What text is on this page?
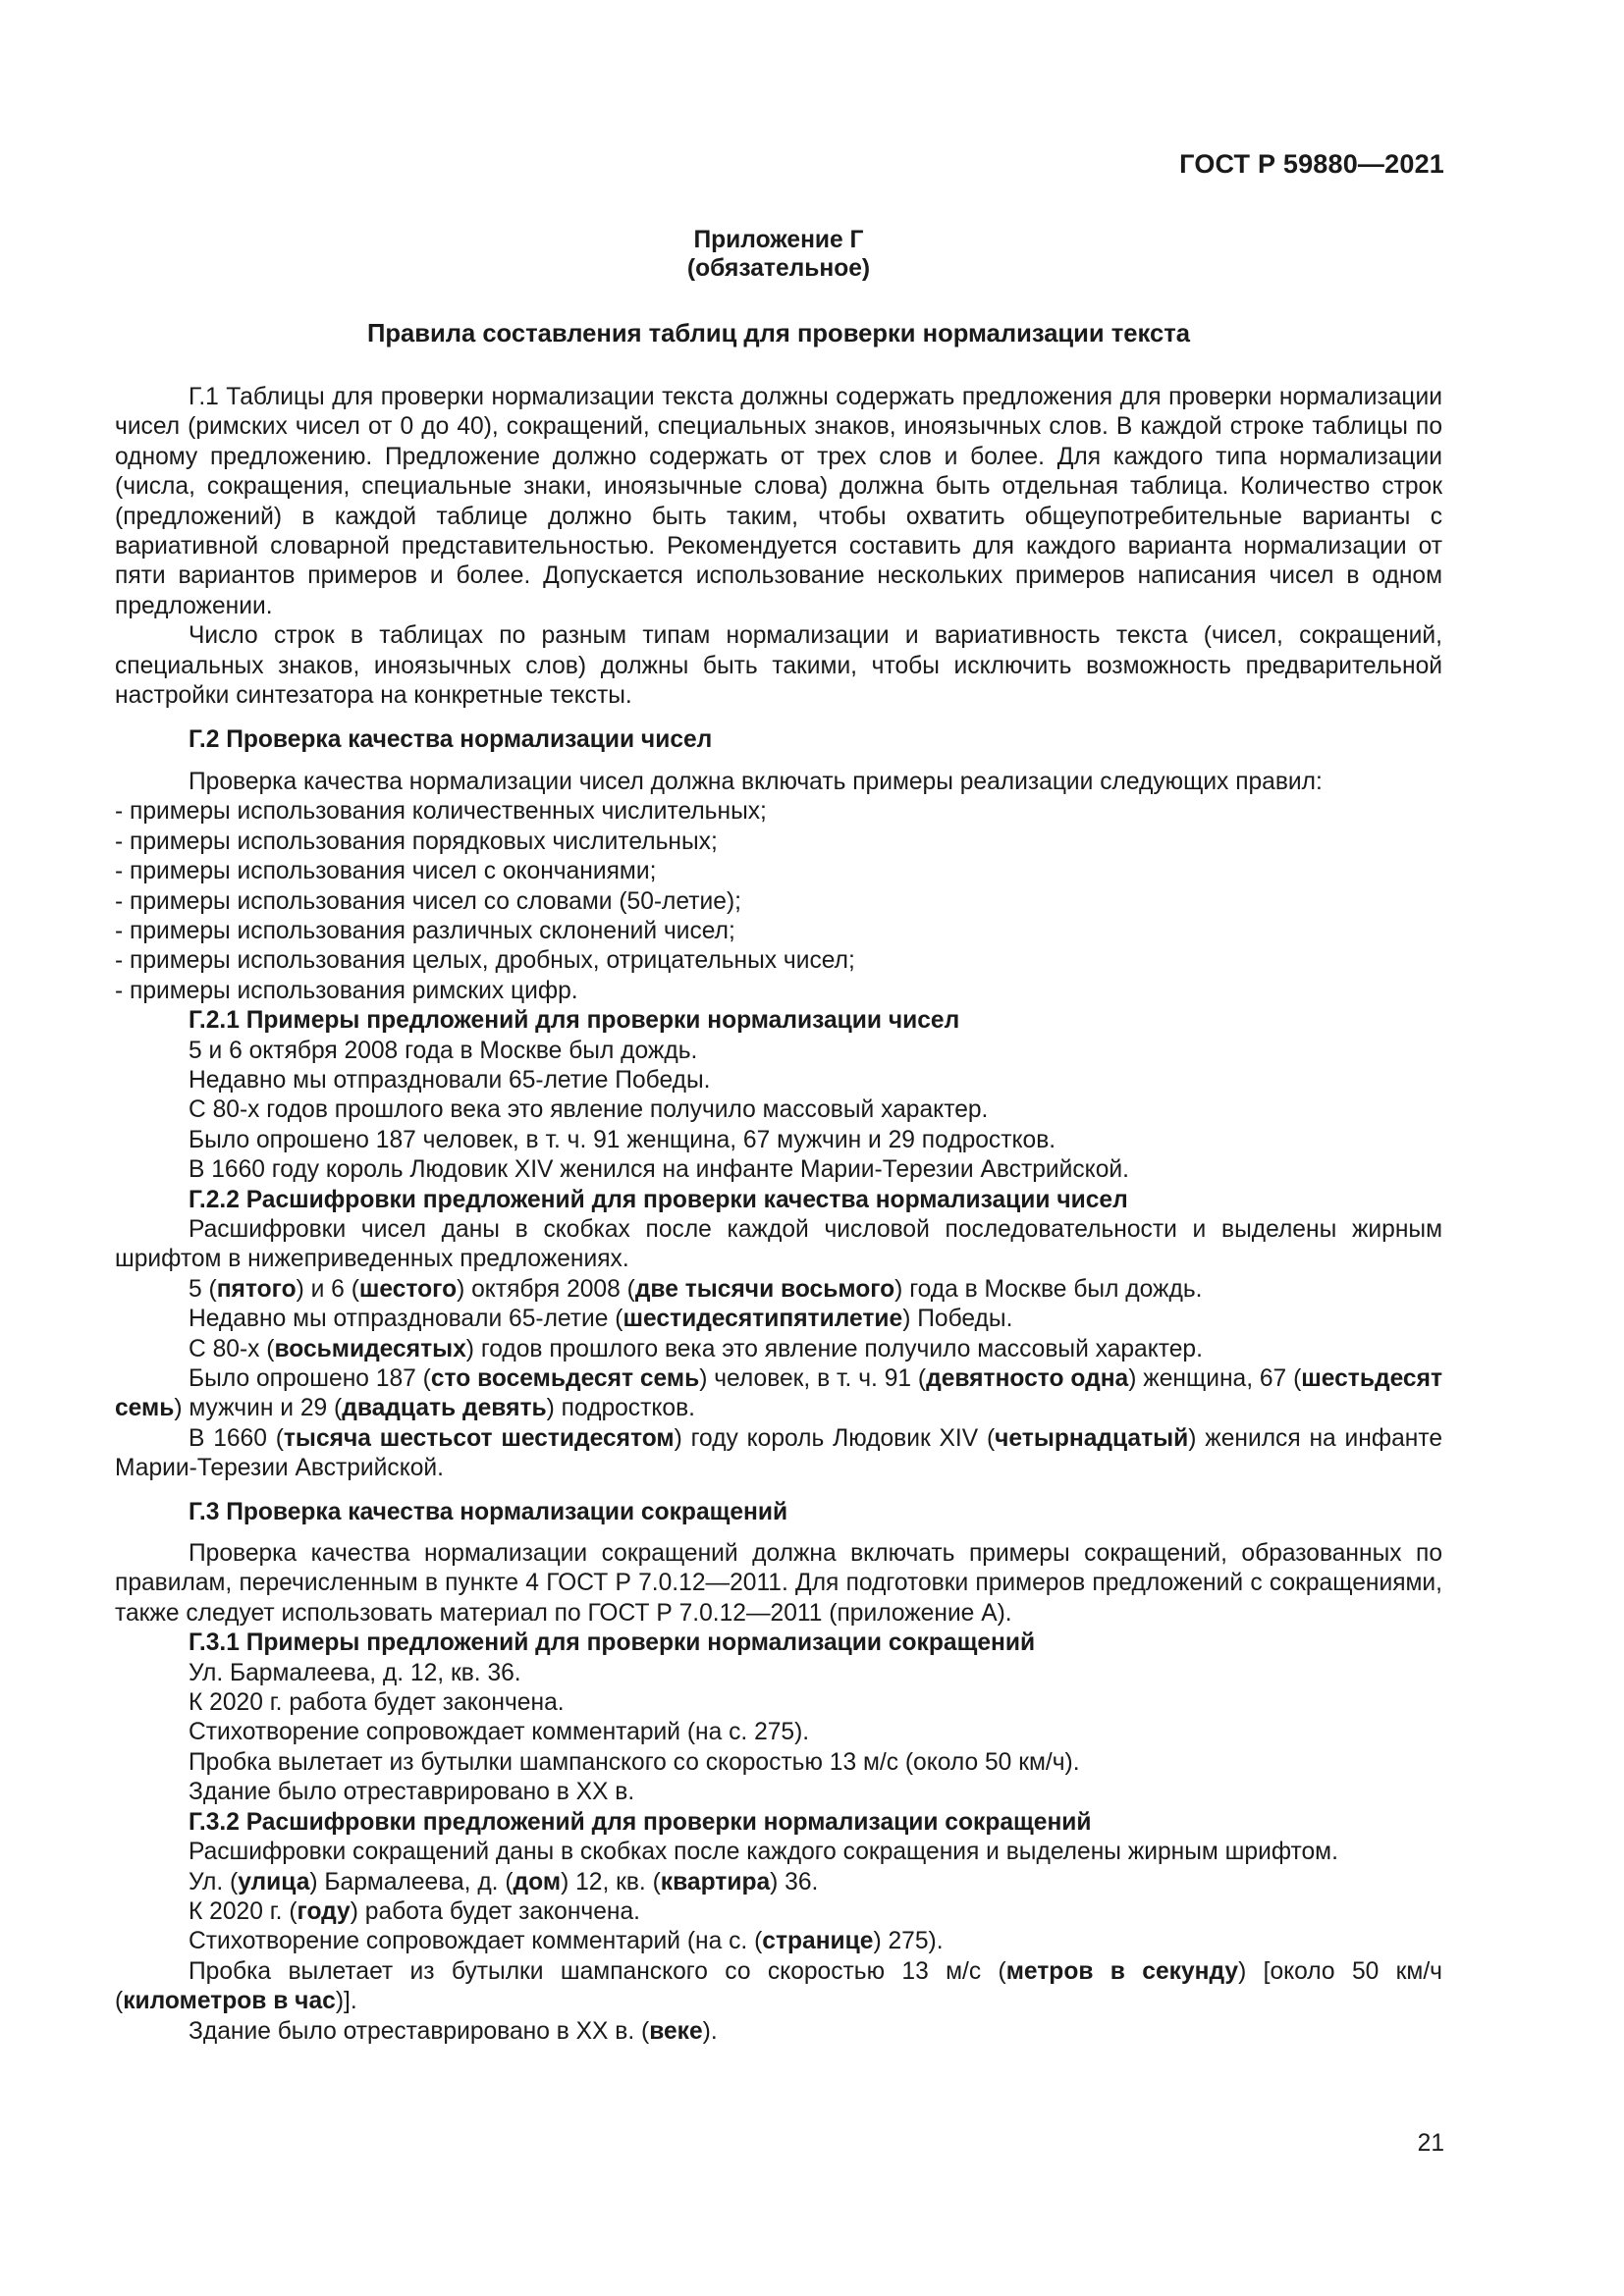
ГОСТ Р 59880—2021
Приложение Г
(обязательное)
Правила составления таблиц для проверки нормализации текста

Г.1 Таблицы для проверки нормализации текста должны содержать предложения для проверки нормализации чисел (римских чисел от 0 до 40), сокращений, специальных знаков, иноязычных слов. В каждой строке таблицы по одному предложению. Предложение должно содержать от трех слов и более. Для каждого типа нормализации (числа, сокращения, специальные знаки, иноязычные слова) должна быть отдельная таблица. Количество строк (предложений) в каждой таблице должно быть таким, чтобы охватить общеупотребительные варианты с вариативной словарной представительностью. Рекомендуется составить для каждого варианта нормализации от пяти вариантов примеров и более. Допускается использование нескольких примеров написания чисел в одном предложении.

Число строк в таблицах по разным типам нормализации и вариативность текста (чисел, сокращений, специальных знаков, иноязычных слов) должны быть такими, чтобы исключить возможность предварительной настройки синтезатора на конкретные тексты.

Г.2 Проверка качества нормализации чисел

Проверка качества нормализации чисел должна включать примеры реализации следующих правил:

- примеры использования количественных числительных;

- примеры использования порядковых числительных;

- примеры использования чисел с окончаниями;

- примеры использования чисел со словами (50-летие);

- примеры использования различных склонений чисел;

- примеры использования целых, дробных, отрицательных чисел;

- примеры использования римских цифр.

Г.2.1 Примеры предложений для проверки нормализации чисел

5 и 6 октября 2008 года в Москве был дождь.

Недавно мы отпраздновали 65-летие Победы.

С 80-х годов прошлого века это явление получило массовый характер.

Было опрошено 187 человек, в т. ч. 91 женщина, 67 мужчин и 29 подростков.

В 1660 году король Людовик XIV женился на инфанте Марии-Терезии Австрийской.

Г.2.2 Расшифровки предложений для проверки качества нормализации чисел

Расшифровки чисел даны в скобках после каждой числовой последовательности и выделены жирным шрифтом в нижеприведенных предложениях.

5 (пятого) и 6 (шестого) октября 2008 (две тысячи восьмого) года в Москве был дождь.

Недавно мы отпраздновали 65-летие (шестидесятипятилетие) Победы.

С 80-х (восьмидесятых) годов прошлого века это явление получило массовый характер.

Было опрошено 187 (сто восемьдесят семь) человек, в т. ч. 91 (девятносто одна) женщина, 67 (шестьдесят семь) мужчин и 29 (двадцать девять) подростков.

В 1660 (тысяча шестьсот шестидесятом) году король Людовик XIV (четырнадцатый) женился на инфанте Марии-Терезии Австрийской.

Г.3 Проверка качества нормализации сокращений

Проверка качества нормализации сокращений должна включать примеры сокращений, образованных по правилам, перечисленным в пункте 4 ГОСТ Р 7.0.12—2011. Для подготовки примеров предложений с сокращениями, также следует использовать материал по ГОСТ Р 7.0.12—2011 (приложение А).

Г.3.1 Примеры предложений для проверки нормализации сокращений

Ул. Бармалеева, д. 12, кв. 36.

К 2020 г. работа будет закончена.

Стихотворение сопровождает комментарий (на с. 275).

Пробка вылетает из бутылки шампанского со скоростью 13 м/с (около 50 км/ч).

Здание было отреставрировано в XX в.

Г.3.2 Расшифровки предложений для проверки нормализации сокращений

Расшифровки сокращений даны в скобках после каждого сокращения и выделены жирным шрифтом.

Ул. (улица) Бармалеева, д. (дом) 12, кв. (квартира) 36.

К 2020 г. (году) работа будет закончена.

Стихотворение сопровождает комментарий (на с. (странице) 275).

Пробка вылетает из бутылки шампанского со скоростью 13 м/с (метров в секунду) [около 50 км/ч (километров в час)].

Здание было отреставрировано в XX в. (веке).

21
